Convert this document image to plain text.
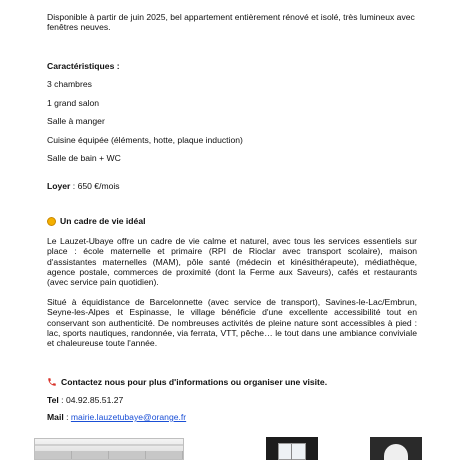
Disponible à partir de juin 2025, bel appartement entièrement rénové et isolé, très lumineux avec fenêtres neuves.

Caractéristiques :
3 chambres
1 grand salon
Salle à manger
Cuisine équipée (éléments, hotte, plaque induction)
Salle de bain + WC
Loyer : 650 €/mois
Un cadre de vie idéal

Le Lauzet-Ubaye offre un cadre de vie calme et naturel, avec tous les services essentiels sur place : école maternelle et primaire (RPI de Rioclar avec transport scolaire), maison d'assistantes maternelles (MAM), pôle santé (médecin et kinésithérapeute), médiathèque, agence postale, commerces de proximité (dont la Ferme aux Saveurs), cafés et restaurants (avec service pain quotidien).

Situé à équidistance de Barcelonnette (avec service de transport), Savines-le-Lac/Embrun, Seyne-les-Alpes et Espinasse, le village bénéficie d'une excellente accessibilité tout en conservant son authenticité. De nombreuses activités de pleine nature sont accessibles à pied : lac, sports nautiques, randonnée, via ferrata, VTT, pêche… le tout dans une ambiance conviviale et chaleureuse toute l'année.

Contactez nous pour plus d'informations ou organiser une visite.
Tel : 04.92.85.51.27
Mail : mairie.lauzetubaye@orange.fr
